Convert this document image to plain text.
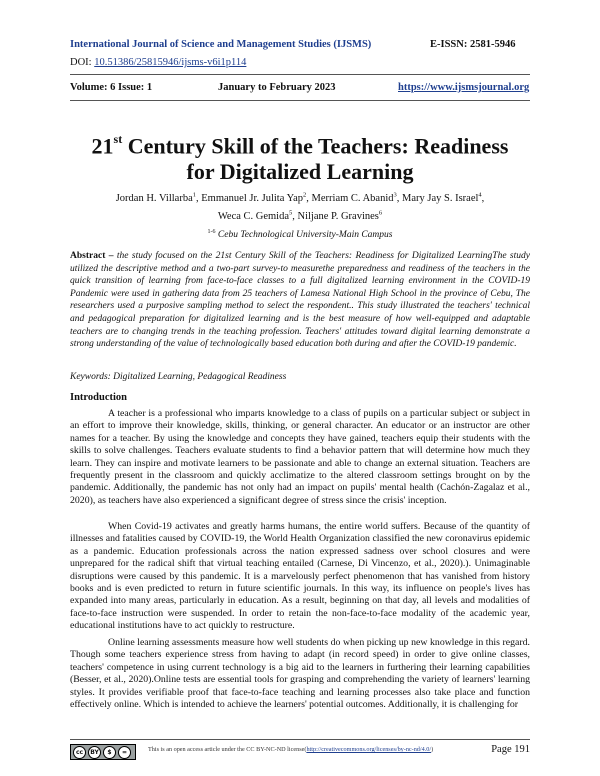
International Journal of Science and Management Studies (IJSMS)	E-ISSN: 2581-5946
DOI: 10.51386/25815946/ijsms-v6i1p114
Volume: 6 Issue: 1	January to February 2023	https://www.ijsmsjournal.org
21st Century Skill of the Teachers: Readiness
for Digitalized Learning
Jordan H. Villarba$^1$, Emmanuel Jr. Julita Yap$^2$, Merriam C. Abanid$^3$, Mary Jay S. Israel$^4$,
Weca C. Gemida$^5$, Niljane P. Gravines$^6$
$^{1-6}$ Cebu Technological University-Main Campus
Abstract – the study focused on the 21st Century Skill of the Teachers: Readiness for Digitalized LearningThe study utilized the descriptive method and a two-part survey-to measurethe preparedness and readiness of the teachers in the quick transition of learning from face-to-face classes to a full digitalized learning environment in the COVID-19 Pandemic were used in gathering data from 25 teachers of Lamesa National High School in the province of Cebu, The researchers used a purposive sampling method to select the respondent.. This study illustrated the teachers' technical and pedagogical preparation for digitalized learning and is the best measure of how well-equipped and adaptable teachers are to changing trends in the teaching profession. Teachers' attitudes toward digital learning demonstrate a strong understanding of the value of technologically based education both during and after the COVID-19 pandemic.
Keywords: Digitalized Learning, Pedagogical Readiness
Introduction
A teacher is a professional who imparts knowledge to a class of pupils on a particular subject or subject in an effort to improve their knowledge, skills, thinking, or general character. An educator or an instructor are other names for a teacher. By using the knowledge and concepts they have gained, teachers equip their students with the skills to solve challenges. Teachers evaluate students to find a behavior pattern that will determine how much they learn. They can inspire and motivate learners to be passionate and able to change an external situation. Teachers are frequently present in the classroom and quickly acclimatize to the altered classroom settings brought on by the pandemic. Additionally, the pandemic has not only had an impact on pupils' mental health (Cachón-Zagalaz et al., 2020), as teachers have also experienced a significant degree of stress since the crisis' inception.
When Covid-19 activates and greatly harms humans, the entire world suffers. Because of the quantity of illnesses and fatalities caused by COVID-19, the World Health Organization classified the new coronavirus epidemic as a pandemic. Education professionals across the nation expressed sadness over school closures and were unprepared for the radical shift that virtual teaching entailed (Carnese, Di Vincenzo, et al., 2020).). Unimaginable disruptions were caused by this pandemic. It is a marvelously perfect phenomenon that has vanished from history books and is even predicted to return in future scientific journals. In this way, its influence on people's lives has expanded into many areas, particularly in education. As a result, beginning on that day, all levels and modalities of face-to-face instruction were suspended. In order to retain the non-face-to-face modality of the academic year, educational institutions have to act quickly to restructure.
Online learning assessments measure how well students do when picking up new knowledge in this regard. Though some teachers experience stress from having to adapt (in record speed) in order to give online classes, teachers' competence in using current technology is a big aid to the learners in furthering their learning capabilities (Besser, et al., 2020).Online tests are essential tools for grasping and comprehending the variety of learners' learning styles. It provides verifiable proof that face-to-face teaching and learning processes also take place and function effectively online. Which is intended to achieve the learners' potential outcomes. Additionally, it is challenging for
cc	BY	$	=	This is an open access article under the CC BY-NC-ND license(http://creativecommons.org/licenses/by-nc-nd/4.0/)	Page 191
